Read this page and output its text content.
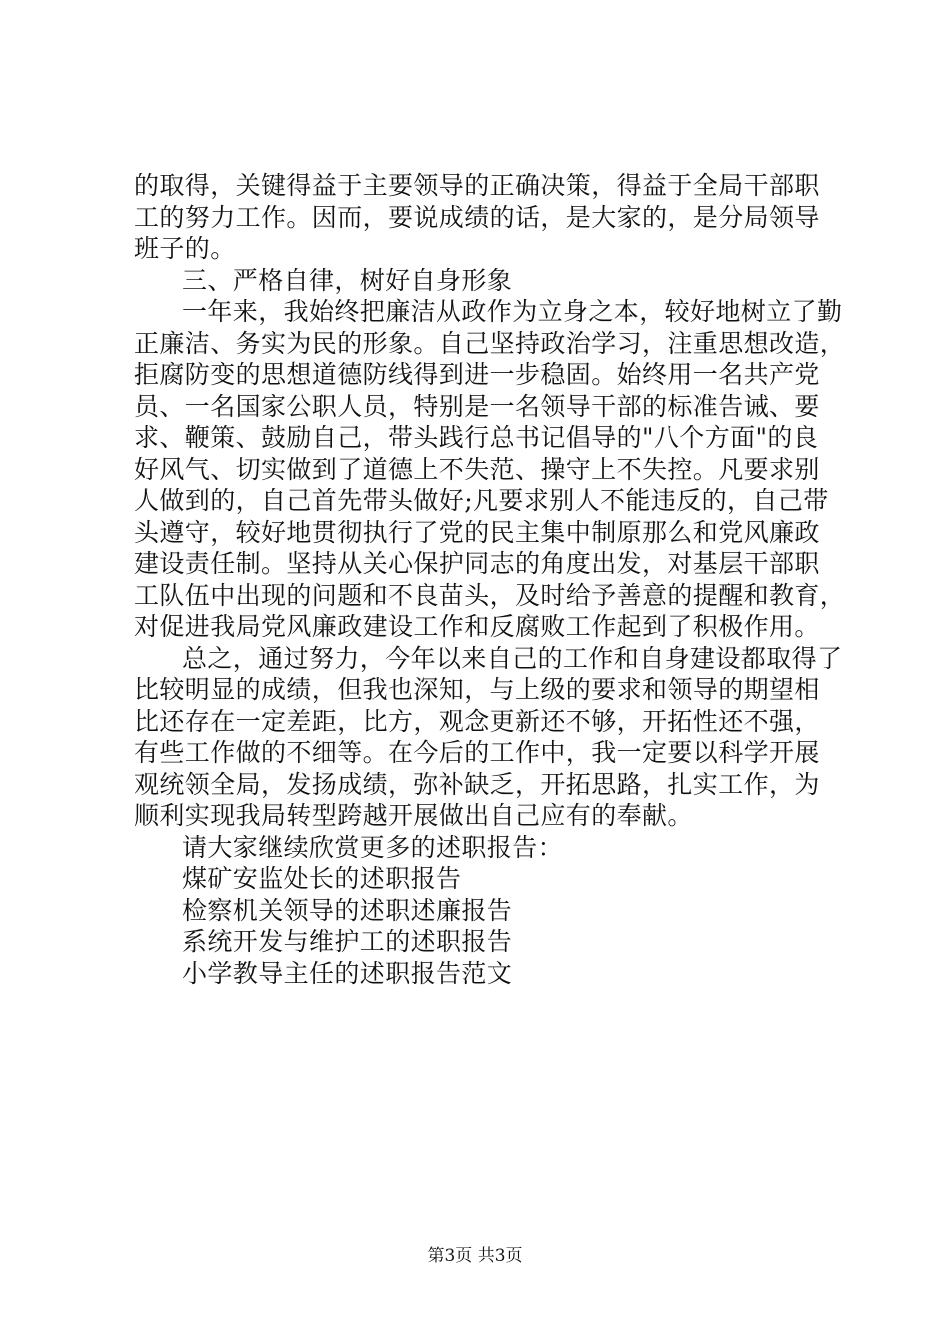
的取得，关键得益于主要领导的正确决策，得益于全局干部职
工的努力工作。因而，要说成绩的话，是大家的，是分局领导
班子的。
三、严格自律，树好自身形象
一年来，我始终把廉洁从政作为立身之本，较好地树立了勤
正廉洁、务实为民的形象。自己坚持政治学习，注重思想改造，
拒腐防变的思想道德防线得到进一步稳固。始终用一名共产党
员、一名国家公职人员，特别是一名领导干部的标准告诫、要
求、鞭策、鼓励自己，带头践行总书记倡导的"八个方面"的良
好风气、切实做到了道德上不失范、操守上不失控。凡要求别
人做到的，自己首先带头做好;凡要求别人不能违反的，自己带
头遵守，较好地贯彻执行了党的民主集中制原那么和党风廉政
建设责任制。坚持从关心保护同志的角度出发，对基层干部职
工队伍中出现的问题和不良苗头，及时给予善意的提醒和教育，
对促进我局党风廉政建设工作和反腐败工作起到了积极作用。
总之，通过努力，今年以来自己的工作和自身建设都取得了
比较明显的成绩，但我也深知，与上级的要求和领导的期望相
比还存在一定差距，比方，观念更新还不够，开拓性还不强，
有些工作做的不细等。在今后的工作中，我一定要以科学开展
观统领全局，发扬成绩，弥补缺乏，开拓思路，扎实工作，为
顺利实现我局转型跨越开展做出自己应有的奉献。
请大家继续欣赏更多的述职报告：
煤矿安监处长的述职报告
检察机关领导的述职述廉报告
系统开发与维护工的述职报告
小学教导主任的述职报告范文
第3页 共3页
